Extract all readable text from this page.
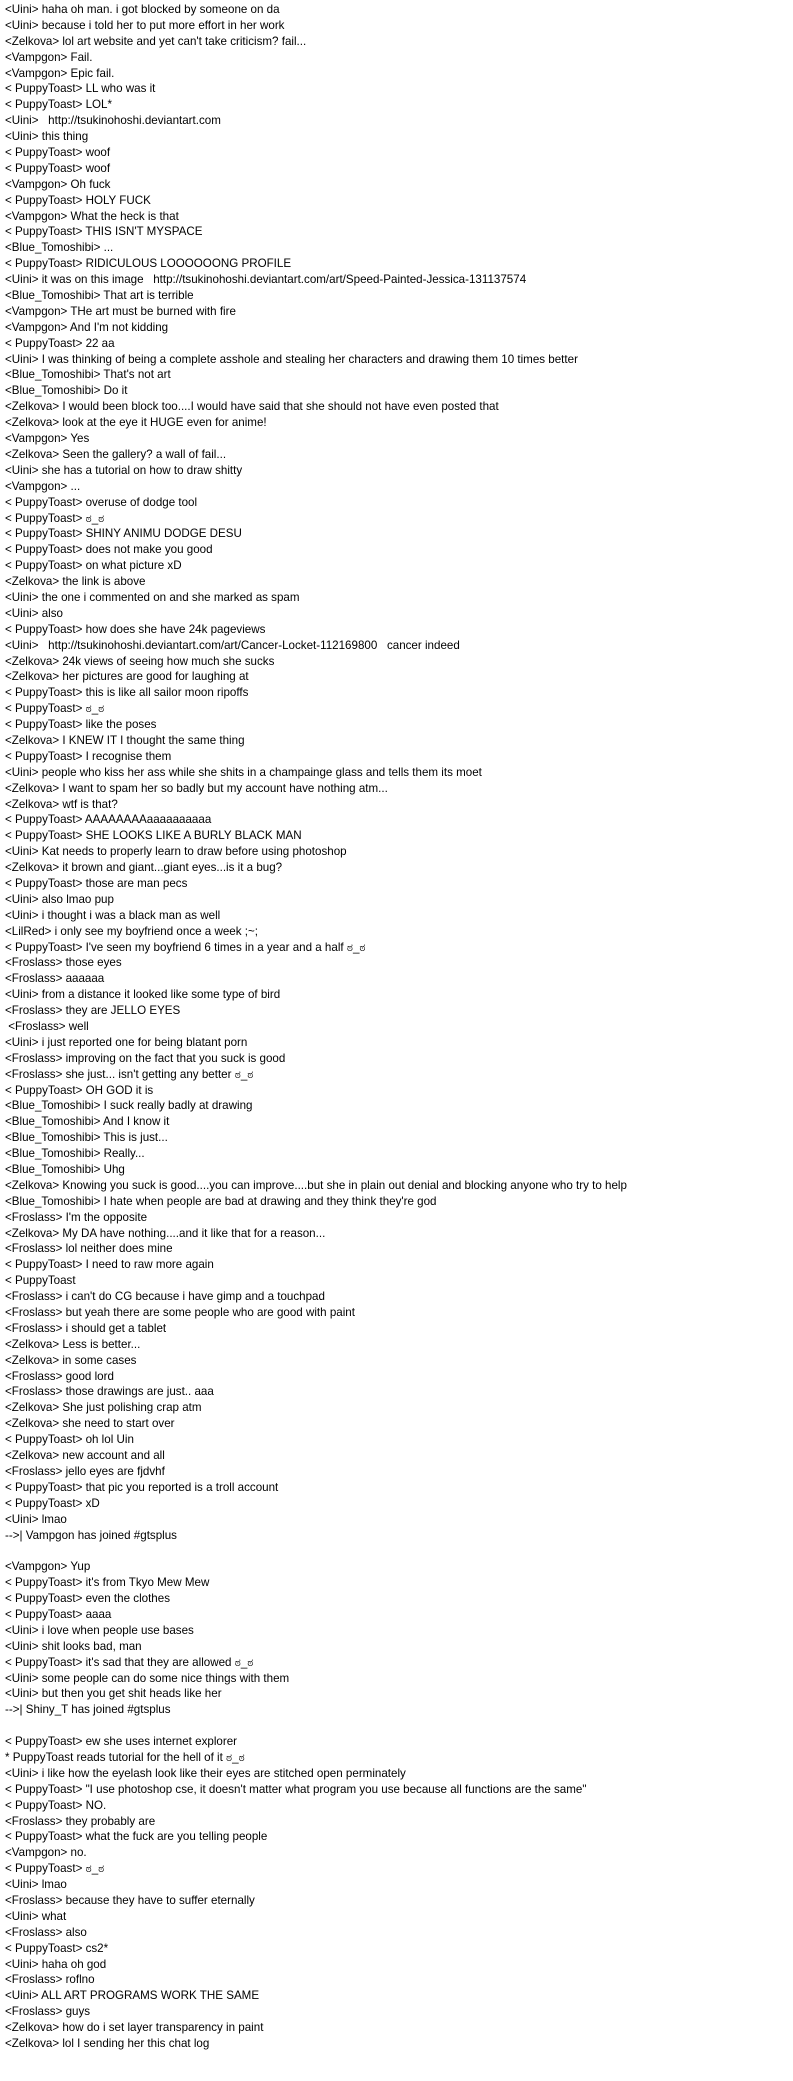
<Uini> haha oh man. i got blocked by someone on da
<Uini> because i told her to put more effort in her work
<Zelkova> lol art website and yet can't take criticism? fail...
<Vampgon> Fail.
<Vampgon> Epic fail.
< PuppyToast> LL who was it
< PuppyToast> LOL*
<Uini>   http://tsukinohoshi.deviantart.com
<Uini> this thing
< PuppyToast> woof
< PuppyToast> woof
<Vampgon> Oh fuck
< PuppyToast> HOLY FUCK
<Vampgon> What the heck is that
< PuppyToast> THIS ISN'T MYSPACE
<Blue_Tomoshibi> ...
< PuppyToast> RIDICULOUS LOOOOOONG PROFILE
<Uini> it was on this image   http://tsukinohoshi.deviantart.com/art/Speed-Painted-Jessica-131137574
<Blue_Tomoshibi> That art is terrible
<Vampgon> THe art must be burned with fire
<Vampgon> And I'm not kidding
< PuppyToast> 22 aa
<Uini> I was thinking of being a complete asshole and stealing her characters and drawing them 10 times better
<Blue_Tomoshibi> That's not art
<Blue_Tomoshibi> Do it
<Zelkova> I would been block too....I would have said that she should not have even posted that
<Zelkova> look at the eye it HUGE even for anime!
<Vampgon> Yes
<Zelkova> Seen the gallery? a wall of fail...
<Uini> she has a tutorial on how to draw shitty
<Vampgon> ...
< PuppyToast> overuse of dodge tool
< PuppyToast> ಠ_ಠ
< PuppyToast> SHINY ANIMU DODGE DESU
< PuppyToast> does not make you good
< PuppyToast> on what picture xD
<Zelkova> the link is above
<Uini> the one i commented on and she marked as spam
<Uini> also
< PuppyToast> how does she have 24k pageviews
<Uini>   http://tsukinohoshi.deviantart.com/art/Cancer-Locket-112169800   cancer indeed
<Zelkova> 24k views of seeing how much she sucks
<Zelkova> her pictures are good for laughing at
< PuppyToast> this is like all sailor moon ripoffs
< PuppyToast> ಠ_ಠ
< PuppyToast> like the poses
<Zelkova> I KNEW IT I thought the same thing
< PuppyToast> I recognise them
<Uini> people who kiss her ass while she shits in a champainge glass and tells them its moet
<Zelkova> I want to spam her so badly but my account have nothing atm...
<Zelkova> wtf is that?
< PuppyToast> AAAAAAAAaaaaaaaaaa
< PuppyToast> SHE LOOKS LIKE A BURLY BLACK MAN
<Uini> Kat needs to properly learn to draw before using photoshop
<Zelkova> it brown and giant...giant eyes...is it a bug?
< PuppyToast> those are man pecs
<Uini> also lmao pup
<Uini> i thought i was a black man as well
<LilRed> i only see my boyfriend once a week ;~;
< PuppyToast> I've seen my boyfriend 6 times in a year and a half ಠ_ಠ
<Froslass> those eyes
<Froslass> aaaaaa
<Uini> from a distance it looked like some type of bird
<Froslass> they are JELLO EYES
<Froslass> well
<Uini> i just reported one for being blatant porn
<Froslass> improving on the fact that you suck is good
<Froslass> she just... isn't getting any better ಠ_ಠ
< PuppyToast> OH GOD it is
<Blue_Tomoshibi> I suck really badly at drawing
<Blue_Tomoshibi> And I know it
<Blue_Tomoshibi> This is just...
<Blue_Tomoshibi> Really...
<Blue_Tomoshibi> Uhg
<Zelkova> Knowing you suck is good....you can improve....but she in plain out denial and blocking anyone who try to help
<Blue_Tomoshibi> I hate when people are bad at drawing and they think they're god
<Froslass> I'm the opposite
<Zelkova> My DA have nothing....and it like that for a reason...
<Froslass> lol neither does mine
< PuppyToast> I need to raw more again
< PuppyToast
<Froslass> i can't do CG because i have gimp and a touchpad
<Froslass> but yeah there are some people who are good with paint
<Froslass> i should get a tablet
<Zelkova> Less is better...
<Zelkova> in some cases
<Froslass> good lord
<Froslass> those drawings are just.. aaa
<Zelkova> She just polishing crap atm
<Zelkova> she need to start over
< PuppyToast> oh lol Uin
<Zelkova> new account and all
<Froslass> jello eyes are fjdvhf
< PuppyToast> that pic you reported is a troll account
< PuppyToast> xD
<Uini> lmao
-->| Vampgon has joined #gtsplus
<Vampgon> Yup
< PuppyToast> it's from Tkyo Mew Mew
< PuppyToast> even the clothes
< PuppyToast> aaaa
<Uini> i love when people use bases
<Uini> shit looks bad, man
< PuppyToast> it's sad that they are allowed ಠ_ಠ
<Uini> some people can do some nice things with them
<Uini> but then you get shit heads like her
-->| Shiny_T has joined #gtsplus
< PuppyToast> ew she uses internet explorer
* PuppyToast reads tutorial for the hell of it ಠ_ಠ
<Uini> i like how the eyelash look like their eyes are stitched open perminately
< PuppyToast> "I use photoshop cse, it doesn't matter what program you use because all functions are the same"
< PuppyToast> NO.
<Froslass> they probably are
< PuppyToast> what the fuck are you telling people
<Vampgon> no.
< PuppyToast> ಠ_ಠ
<Uini> lmao
<Froslass> because they have to suffer eternally
<Uini> what
<Froslass> also
< PuppyToast> cs2*
<Uini> haha oh god
<Froslass> roflno
<Uini> ALL ART PROGRAMS WORK THE SAME
<Froslass> guys
<Zelkova> how do i set layer transparency in paint
<Zelkova> lol I sending her this chat log
